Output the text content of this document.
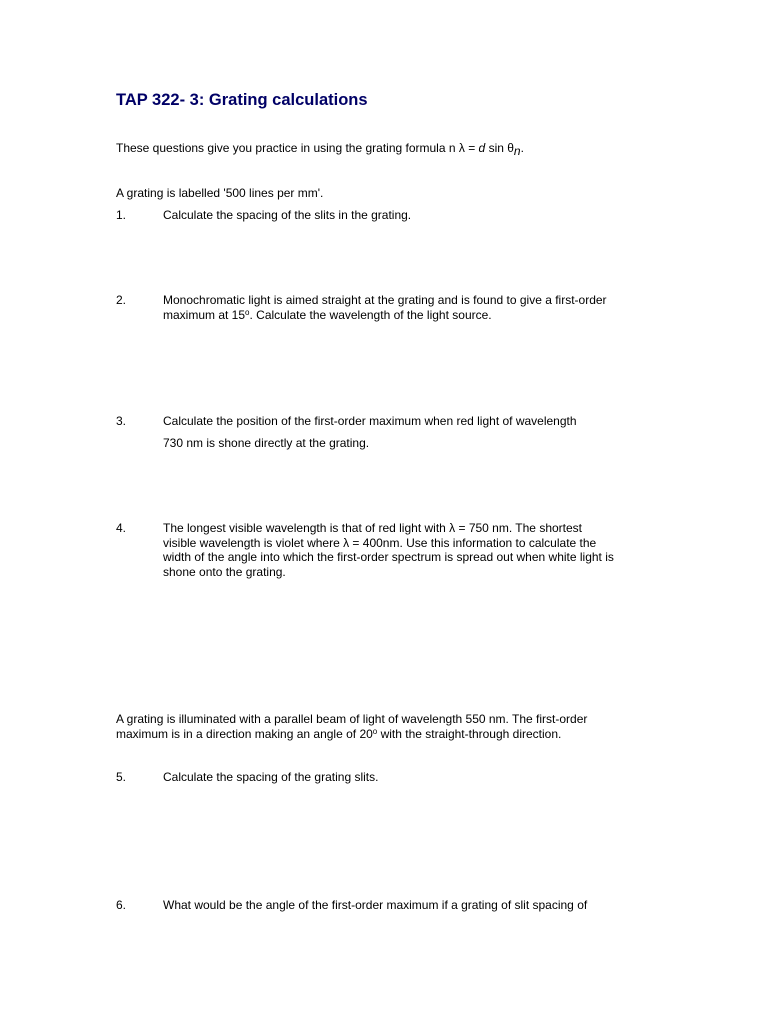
TAP 322- 3: Grating calculations
These questions give you practice in using the grating formula n λ = d $\sin \theta_n$.
A grating is labelled '500 lines per mm'.
1.	Calculate the spacing of the slits in the grating.
2.	Monochromatic light is aimed straight at the grating and is found to give a first-order
maximum at 15$^o$. Calculate the wavelength of the light source.
3.	Calculate the position of the first-order maximum when red light of wavelength
730 nm is shone directly at the grating.
4.	The longest visible wavelength is that of red light with λ = 750 nm. The shortest
visible wavelength is violet where λ = 400nm. Use this information to calculate the
width of the angle into which the first-order spectrum is spread out when white light is
shone onto the grating.
A grating is illuminated with a parallel beam of light of wavelength 550 nm. The first-order
maximum is in a direction making an angle of 20$^o$ with the straight-through direction.
5.	Calculate the spacing of the grating slits.
6.	What would be the angle of the first-order maximum if a grating of slit spacing of
